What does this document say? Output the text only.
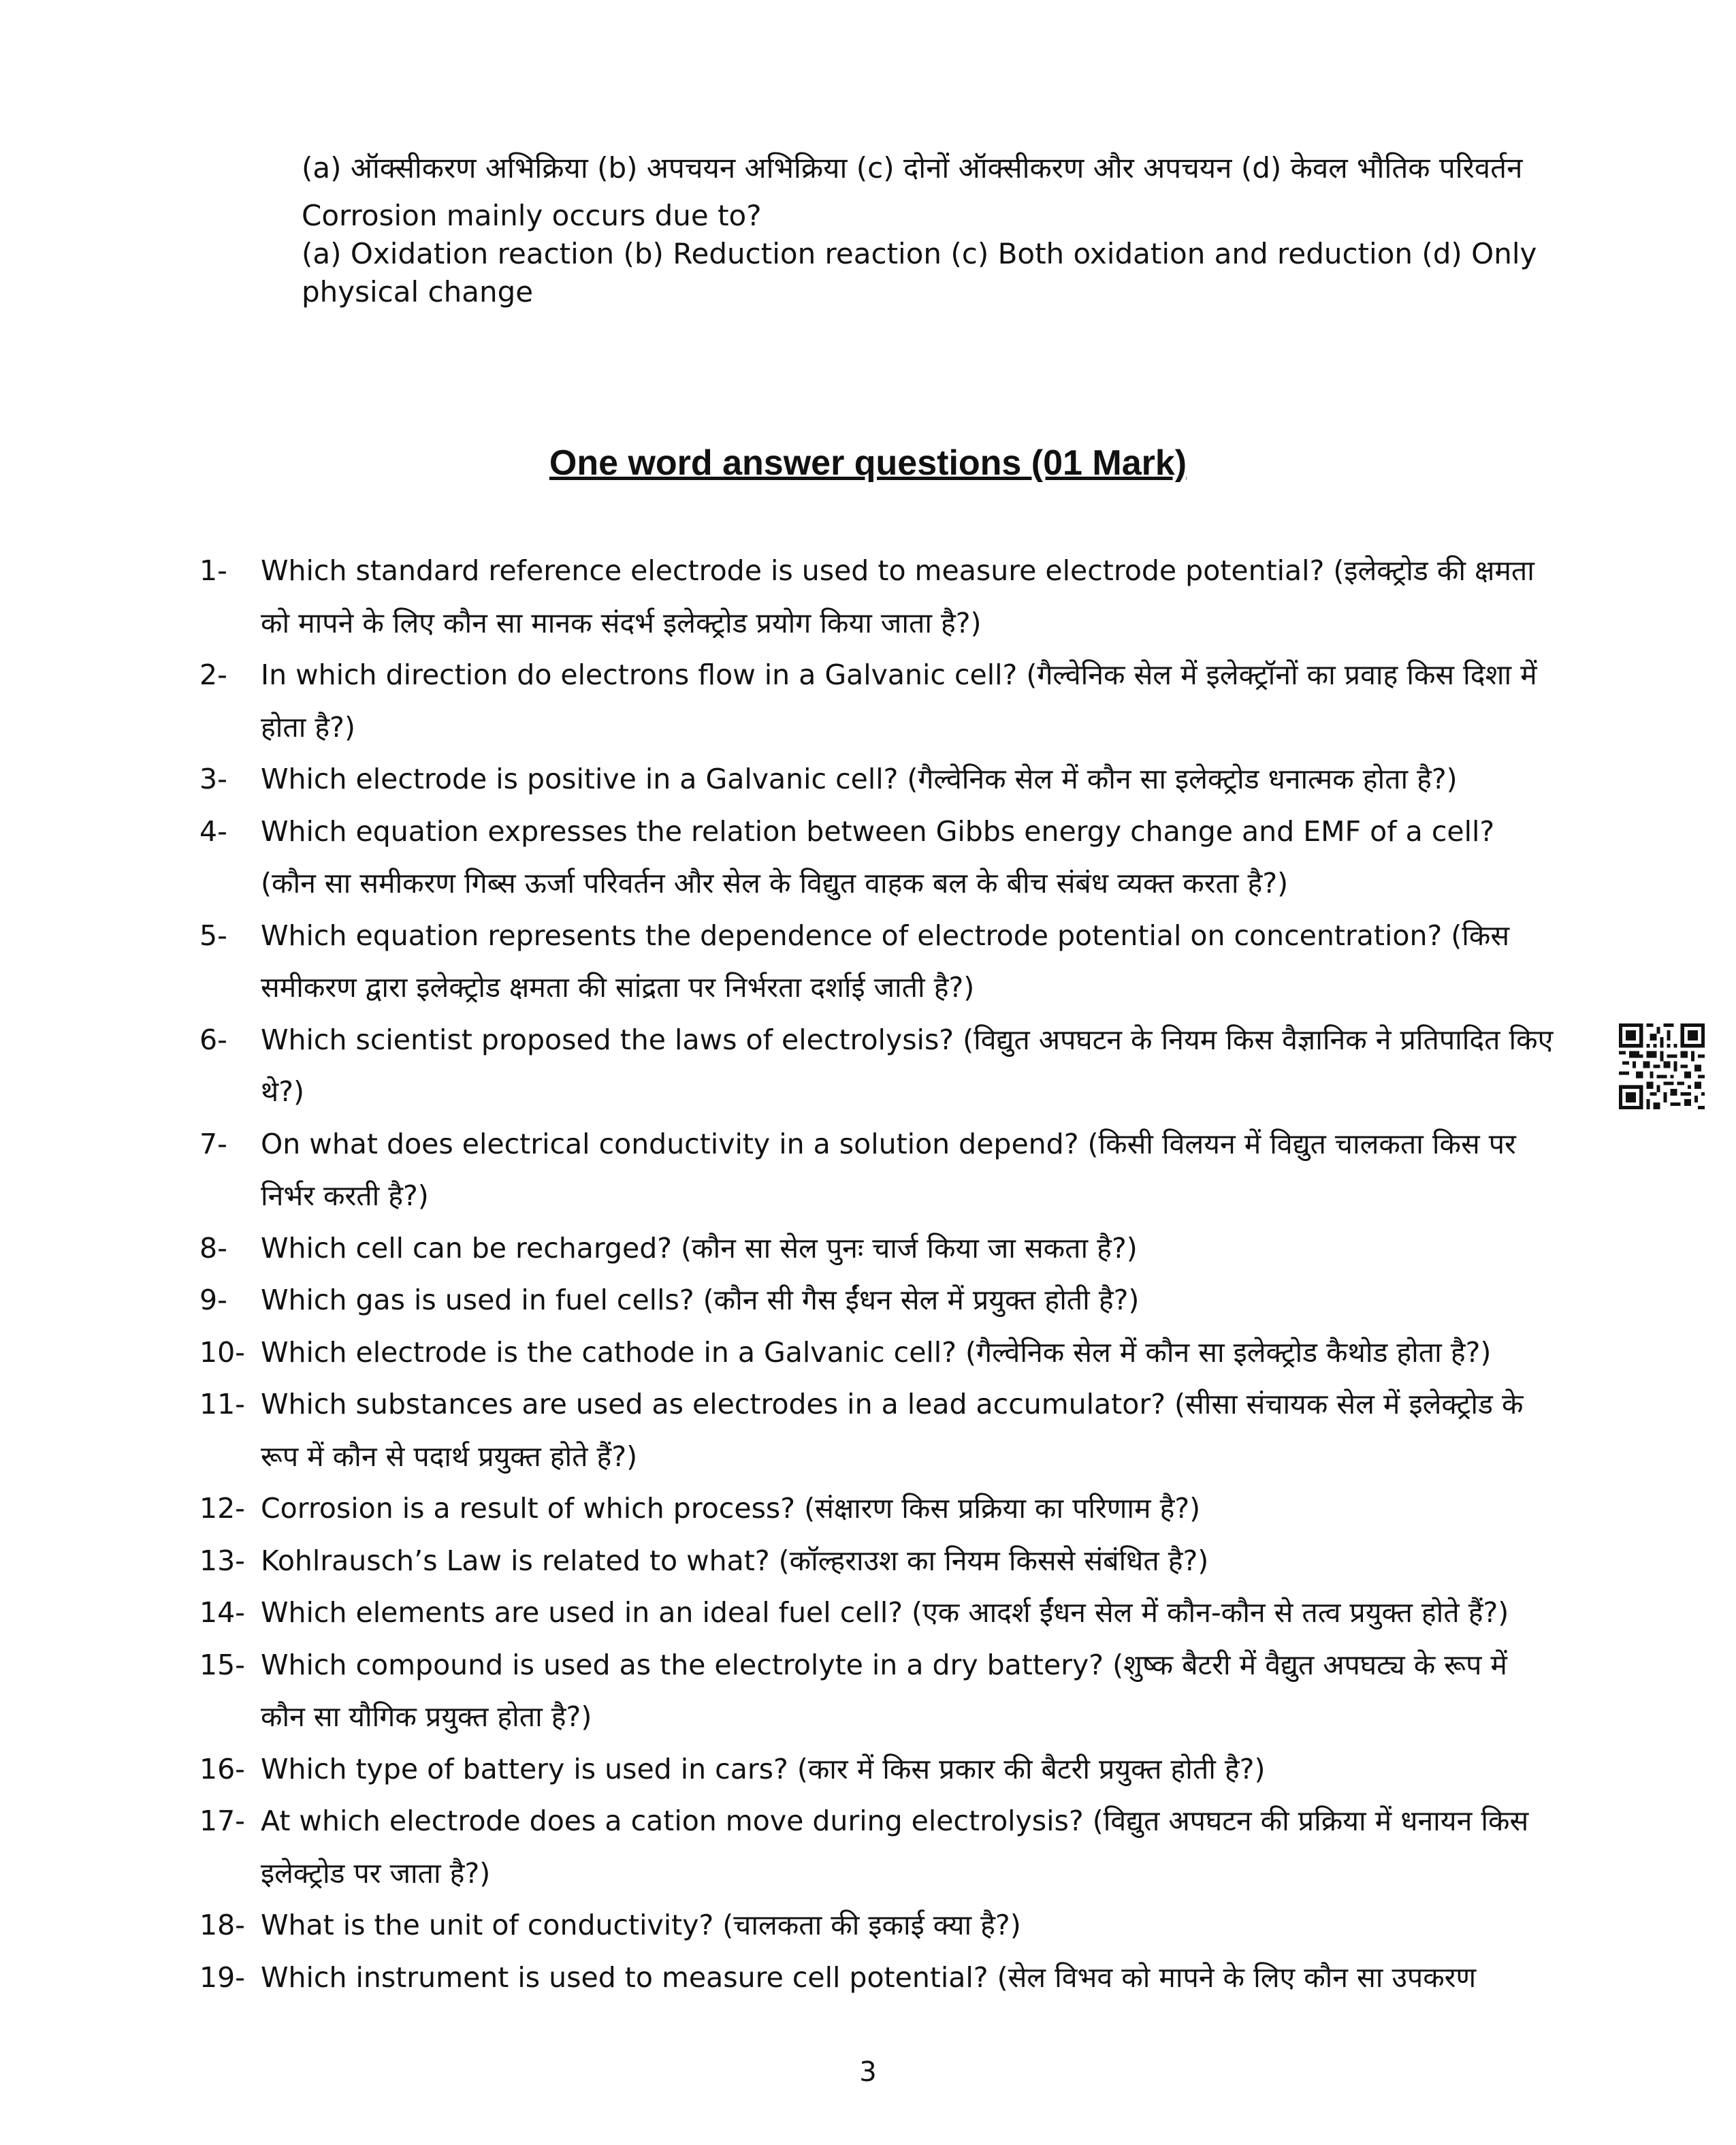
(a) ऑक्सीकरण अभिक्रिया (b) अपचयन अभिक्रिया (c) दोनों ऑक्सीकरण और अपचयन (d) केवल भौतिक परिवर्तन

Corrosion mainly occurs due to?

(a) Oxidation reaction (b) Reduction reaction (c) Both oxidation and reduction (d) Only physical change

One word answer questions (01 Mark)
1-	Which standard reference electrode is used to measure electrode potential? (इलेक्ट्रोड की क्षमता को मापने के लिए कौन सा मानक संदर्भ इलेक्ट्रोड प्रयोग किया जाता है?)
2-	In which direction do electrons flow in a Galvanic cell? (गैल्वेनिक सेल में इलेक्ट्रॉनों का प्रवाह किस दिशा में होता है?)
3-	Which electrode is positive in a Galvanic cell? (गैल्वेनिक सेल में कौन सा इलेक्ट्रोड धनात्मक होता है?)
4-	Which equation expresses the relation between Gibbs energy change and EMF of a cell? (कौन सा समीकरण गिब्स ऊर्जा परिवर्तन और सेल के विद्युत वाहक बल के बीच संबंध व्यक्त करता है?)
5-	Which equation represents the dependence of electrode potential on concentration? (किस समीकरण द्वारा इलेक्ट्रोड क्षमता की सांद्रता पर निर्भरता दर्शाई जाती है?)
6-	Which scientist proposed the laws of electrolysis? (विद्युत अपघटन के नियम किस वैज्ञानिक ने प्रतिपादित किए थे?)
7-	On what does electrical conductivity in a solution depend? (किसी विलयन में विद्युत चालकता किस पर निर्भर करती है?)
8-	Which cell can be recharged? (कौन सा सेल पुनः चार्ज किया जा सकता है?)
9-	Which gas is used in fuel cells? (कौन सी गैस ईंधन सेल में प्रयुक्त होती है?)
10- Which electrode is the cathode in a Galvanic cell? (गैल्वेनिक सेल में कौन सा इलेक्ट्रोड कैथोड होता है?)
11- Which substances are used as electrodes in a lead accumulator? (सीसा संचायक सेल में इलेक्ट्रोड के रूप में कौन से पदार्थ प्रयुक्त होते हैं?)
12- Corrosion is a result of which process? (संक्षारण किस प्रक्रिया का परिणाम है?)
13- Kohlrausch’s Law is related to what? (कॉल्हराउश का नियम किससे संबंधित है?)
14- Which elements are used in an ideal fuel cell? (एक आदर्श ईंधन सेल में कौन-कौन से तत्व प्रयुक्त होते हैं?)
15- Which compound is used as the electrolyte in a dry battery? (शुष्क बैटरी में वैद्युत अपघट्य के रूप में कौन सा यौगिक प्रयुक्त होता है?)
16- Which type of battery is used in cars? (कार में किस प्रकार की बैटरी प्रयुक्त होती है?)
17- At which electrode does a cation move during electrolysis? (विद्युत अपघटन की प्रक्रिया में धनायन किस इलेक्ट्रोड पर जाता है?)
18- What is the unit of conductivity? (चालकता की इकाई क्या है?)
19- Which instrument is used to measure cell potential? (सेल विभव को मापने के लिए कौन सा उपकरण
3
